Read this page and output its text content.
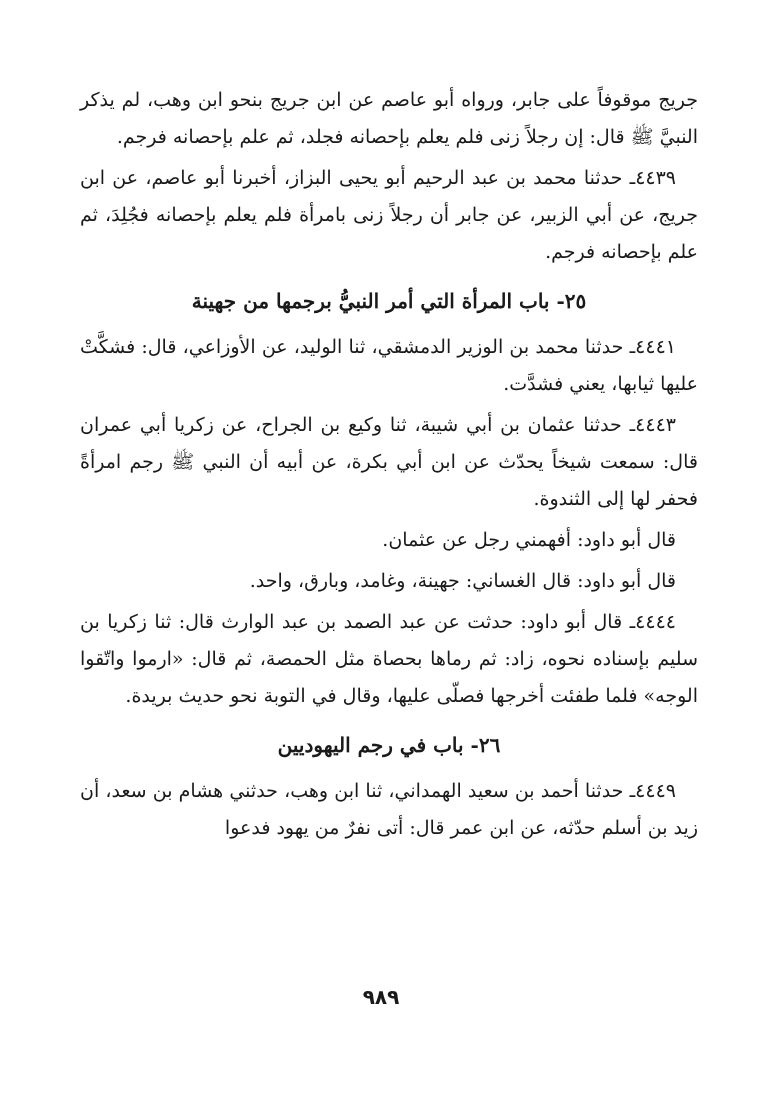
جريج موقوفاً على جابر، ورواه أبو عاصم عن ابن جريج بنحو ابن وهب، لم يذكر النبيَّ ﷺ قال: إن رجلاً زنى فلم يعلم بإحصانه فجلد، ثم علم بإحصانه فرجم.

٤٤٣٩ـ حدثنا محمد بن عبد الرحيم أبو يحيى البزاز، أخبرنا أبو عاصم، عن ابن جريج، عن أبي الزبير، عن جابر أن رجلاً زنى بامرأة فلم يعلم بإحصانه فجُلِدَ، ثم علم بإحصانه فرجم.

٢٥- باب المرأة التي أمر النبيُّ برجمها من جهينة

٤٤٤١ـ حدثنا محمد بن الوزير الدمشقي، ثنا الوليد، عن الأوزاعي، قال: فشكَّتْ عليها ثيابها، يعني فشدَّت.

٤٤٤٣ـ حدثنا عثمان بن أبي شيبة، ثنا وكيع بن الجراح، عن زكريا أبي عمران قال: سمعت شيخاً يحدّث عن ابن أبي بكرة، عن أبيه أن النبي ﷺ رجم امرأةً فحفر لها إلى الثندوة.

قال أبو داود: أفهمني رجل عن عثمان.

قال أبو داود: قال الغساني: جهينة، وغامد، وبارق، واحد.

٤٤٤٤ـ قال أبو داود: حدثت عن عبد الصمد بن عبد الوارث قال: ثنا زكريا بن سليم بإسناده نحوه، زاد: ثم رماها بحصاة مثل الحمصة، ثم قال: «ارموا واتّقوا الوجه» فلما طفئت أخرجها فصلّى عليها، وقال في التوبة نحو حديث بريدة.

٢٦- باب في رجم اليهوديين

٤٤٤٩ـ حدثنا أحمد بن سعيد الهمداني، ثنا ابن وهب، حدثني هشام بن سعد، أن زيد بن أسلم حدّثه، عن ابن عمر قال: أتى نفرٌ من يهود فدعوا

٩٨٩
